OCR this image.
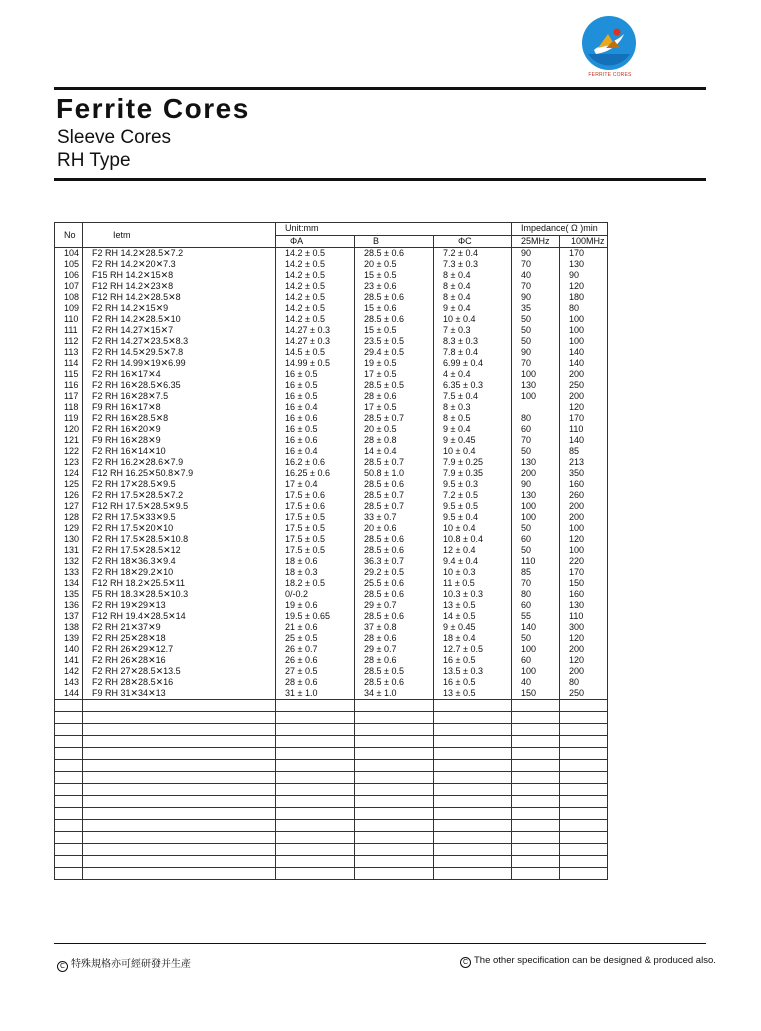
FERRITE CORES
Ferrite Cores
Sleeve Cores
RH Type
No	Ietm	Unit:mm			Impedance( Ω )min	
		ΦA	B	ΦC	25MHz	100MHz
104	F2 RH 14.2✕28.5✕7.2	14.2 ± 0.5	28.5 ± 0.6	7.2 ± 0.4	90	170
105	F2 RH 14.2✕20✕7.3	14.2 ± 0.5	20 ± 0.5	7.3 ± 0.3	70	130
106	F15 RH 14.2✕15✕8	14.2 ± 0.5	15 ± 0.5	8 ± 0.4	40	90
107	F12 RH 14.2✕23✕8	14.2 ± 0.5	23 ± 0.6	8 ± 0.4	70	120
108	F12 RH 14.2✕28.5✕8	14.2 ± 0.5	28.5 ± 0.6	8 ± 0.4	90	180
109	F2 RH 14.2✕15✕9	14.2 ± 0.5	15 ± 0.6	9 ± 0.4	35	80
110	F2 RH 14.2✕28.5✕10	14.2 ± 0.5	28.5 ± 0.6	10 ± 0.4	50	100
111	F2 RH 14.27✕15✕7	14.27 ± 0.3	15 ± 0.5	7 ± 0.3	50	100
112	F2 RH 14.27✕23.5✕8.3	14.27 ± 0.3	23.5 ± 0.5	8.3 ± 0.3	50	100
113	F2 RH 14.5✕29.5✕7.8	14.5 ± 0.5	29.4 ± 0.5	7.8 ± 0.4	90	140
114	F2 RH 14.99✕19✕6.99	14.99 ± 0.5	19 ± 0.5	6.99 ± 0.4	70	140
115	F2 RH 16✕17✕4	16 ± 0.5	17 ± 0.5	4 ± 0.4	100	200
116	F2 RH 16✕28.5✕6.35	16 ± 0.5	28.5 ± 0.5	6.35 ± 0.3	130	250
117	F2 RH 16✕28✕7.5	16 ± 0.5	28 ± 0.6	7.5 ± 0.4	100	200
118	F9 RH 16✕17✕8	16 ± 0.4	17 ± 0.5	8 ± 0.3		120
119	F2 RH 16✕28.5✕8	16 ± 0.6	28.5 ± 0.7	8 ± 0.5	80	170
120	F2 RH 16✕20✕9	16 ± 0.5	20 ± 0.5	9 ± 0.4	60	110
121	F9 RH 16✕28✕9	16 ± 0.6	28 ± 0.8	9 ± 0.45	70	140
122	F2 RH 16✕14✕10	16 ± 0.4	14 ± 0.4	10 ± 0.4	50	85
123	F2 RH 16.2✕28.6✕7.9	16.2 ± 0.6	28.5 ± 0.7	7.9 ± 0.25	130	213
124	F12 RH 16.25✕50.8✕7.9	16.25 ± 0.6	50.8 ± 1.0	7.9 ± 0.35	200	350
125	F2 RH 17✕28.5✕9.5	17 ± 0.4	28.5 ± 0.6	9.5 ± 0.3	90	160
126	F2 RH 17.5✕28.5✕7.2	17.5 ± 0.6	28.5 ± 0.7	7.2 ± 0.5	130	260
127	F12 RH 17.5✕28.5✕9.5	17.5 ± 0.6	28.5 ± 0.7	9.5 ± 0.5	100	200
128	F2 RH 17.5✕33✕9.5	17.5 ± 0.5	33 ± 0.7	9.5 ± 0.4	100	200
129	F2 RH 17.5✕20✕10	17.5 ± 0.5	20 ± 0.6	10 ± 0.4	50	100
130	F2 RH 17.5✕28.5✕10.8	17.5 ± 0.5	28.5 ± 0.6	10.8 ± 0.4	60	120
131	F2 RH 17.5✕28.5✕12	17.5 ± 0.5	28.5 ± 0.6	12 ± 0.4	50	100
132	F2 RH 18✕36.3✕9.4	18 ± 0.6	36.3 ± 0.7	9.4 ± 0.4	110	220
133	F2 RH 18✕29.2✕10	18 ± 0.3	29.2 ± 0.5	10 ± 0.3	85	170
134	F12 RH 18.2✕25.5✕11	18.2 ± 0.5	25.5 ± 0.6	11 ± 0.5	70	150
135	F5 RH 18.3✕28.5✕10.3	0/-0.2	28.5 ± 0.6	10.3 ± 0.3	80	160
136	F2 RH 19✕29✕13	19 ± 0.6	29 ± 0.7	13 ± 0.5	60	130
137	F12 RH 19.4✕28.5✕14	19.5 ± 0.65	28.5 ± 0.6	14 ± 0.5	55	110
138	F2 RH 21✕37✕9	21 ± 0.6	37 ± 0.8	9 ± 0.45	140	300
139	F2 RH 25✕28✕18	25 ± 0.5	28 ± 0.6	18 ± 0.4	50	120
140	F2 RH 26✕29✕12.7	26 ± 0.7	29 ± 0.7	12.7 ± 0.5	100	200
141	F2 RH 26✕28✕16	26 ± 0.6	28 ± 0.6	16 ± 0.5	60	120
142	F2 RH 27✕28.5✕13.5	27 ± 0.5	28.5 ± 0.5	13.5 ± 0.3	100	200
143	F2 RH 28✕28.5✕16	28 ± 0.6	28.5 ± 0.6	16 ± 0.5	40	80
144	F9 RH 31✕34✕13	31 ± 1.0	34 ± 1.0	13 ± 0.5	150	250

C 特殊規格亦可經研發并生產	C The other specification can be designed & produced also.
